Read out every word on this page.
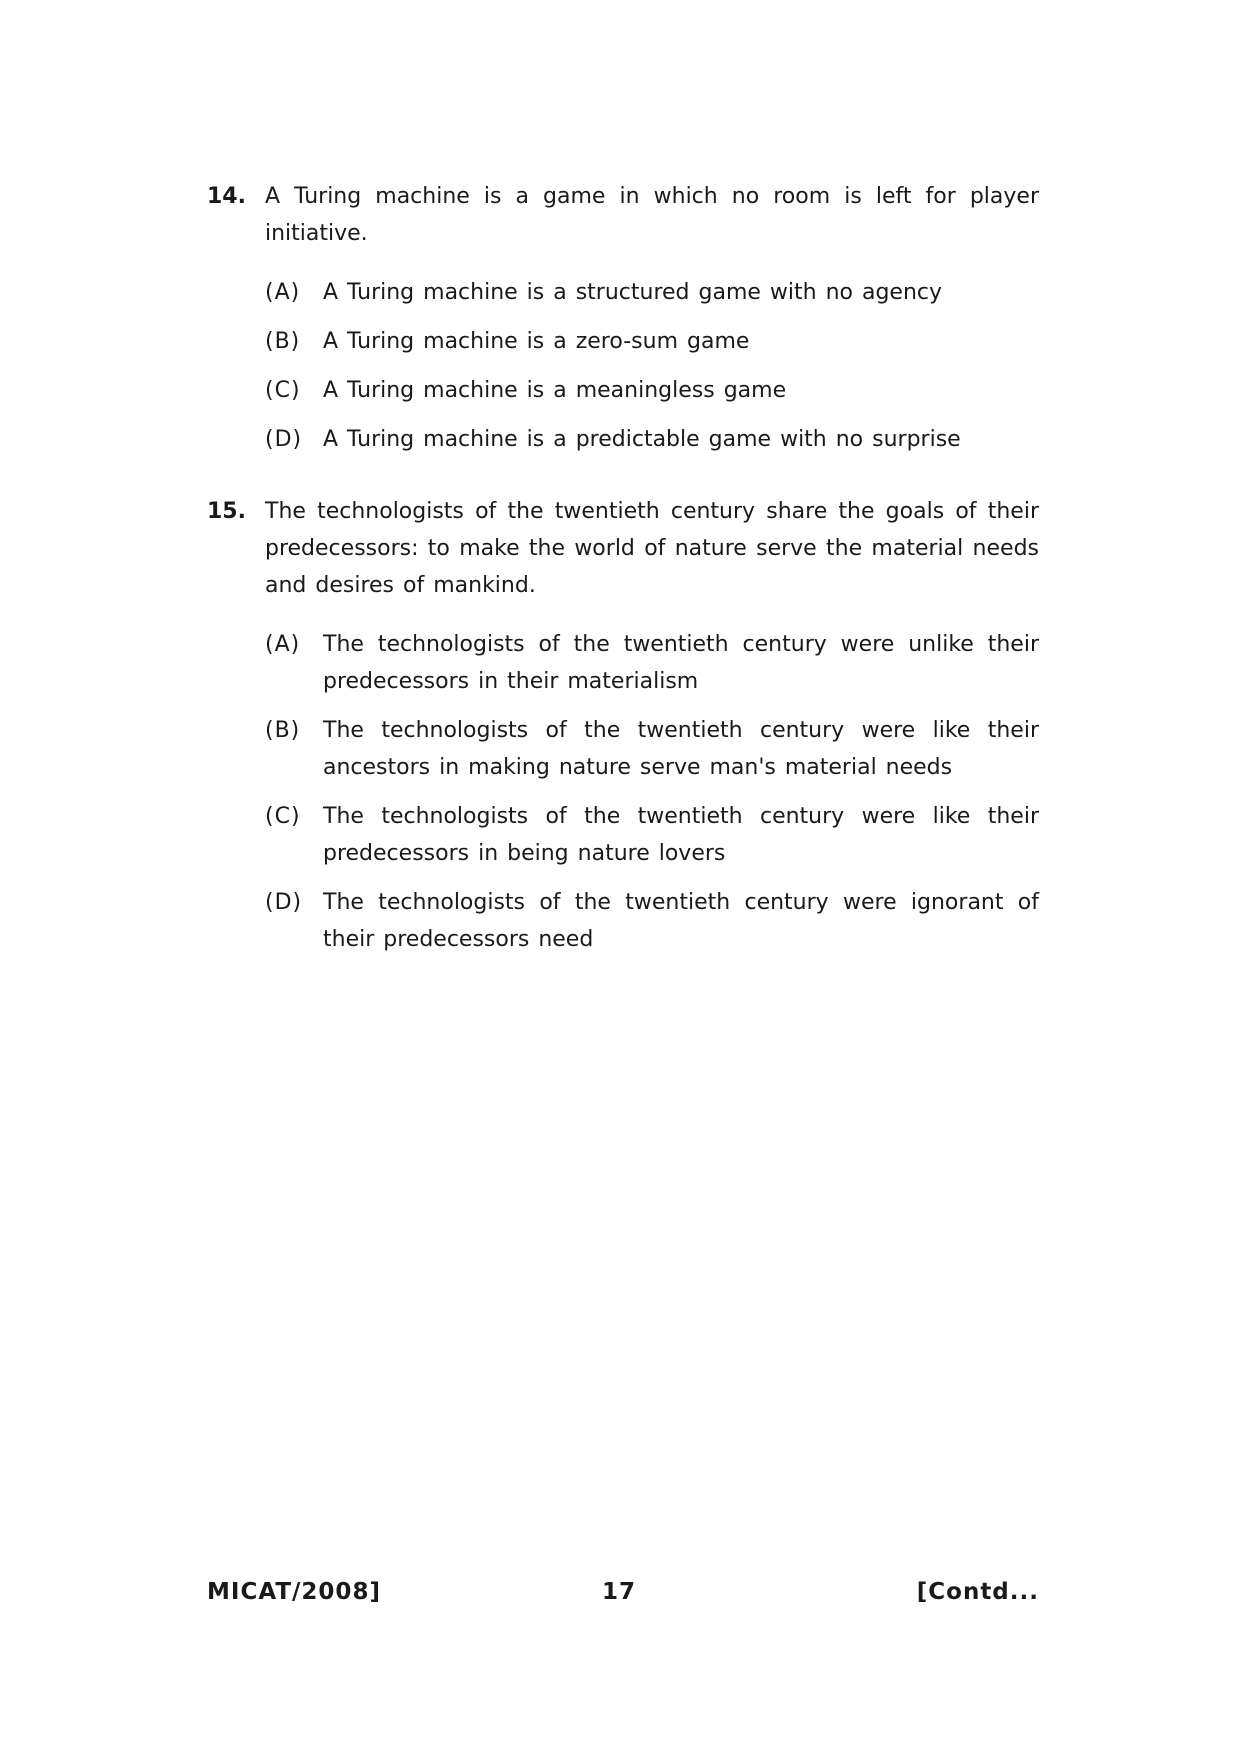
14. A Turing machine is a game in which no room is left for player initiative.
(A)	A Turing machine is a structured game with no agency
(B)	A Turing machine is a zero-sum game
(C)	A Turing machine is a meaningless game
(D) A Turing machine is a predictable game with no surprise
15. The technologists of the twentieth century share the goals of their predecessors: to make the world of nature serve the material needs and desires of mankind.
(A)	The technologists of the twentieth century were unlike their predecessors in their materialism
(B)	The technologists of the twentieth century were like their ancestors in making nature serve man's material needs
(C)	The technologists of the twentieth century were like their predecessors in being nature lovers
(D) The technologists of the twentieth century were ignorant of their predecessors need
MICAT/2008]	17	[Contd...
